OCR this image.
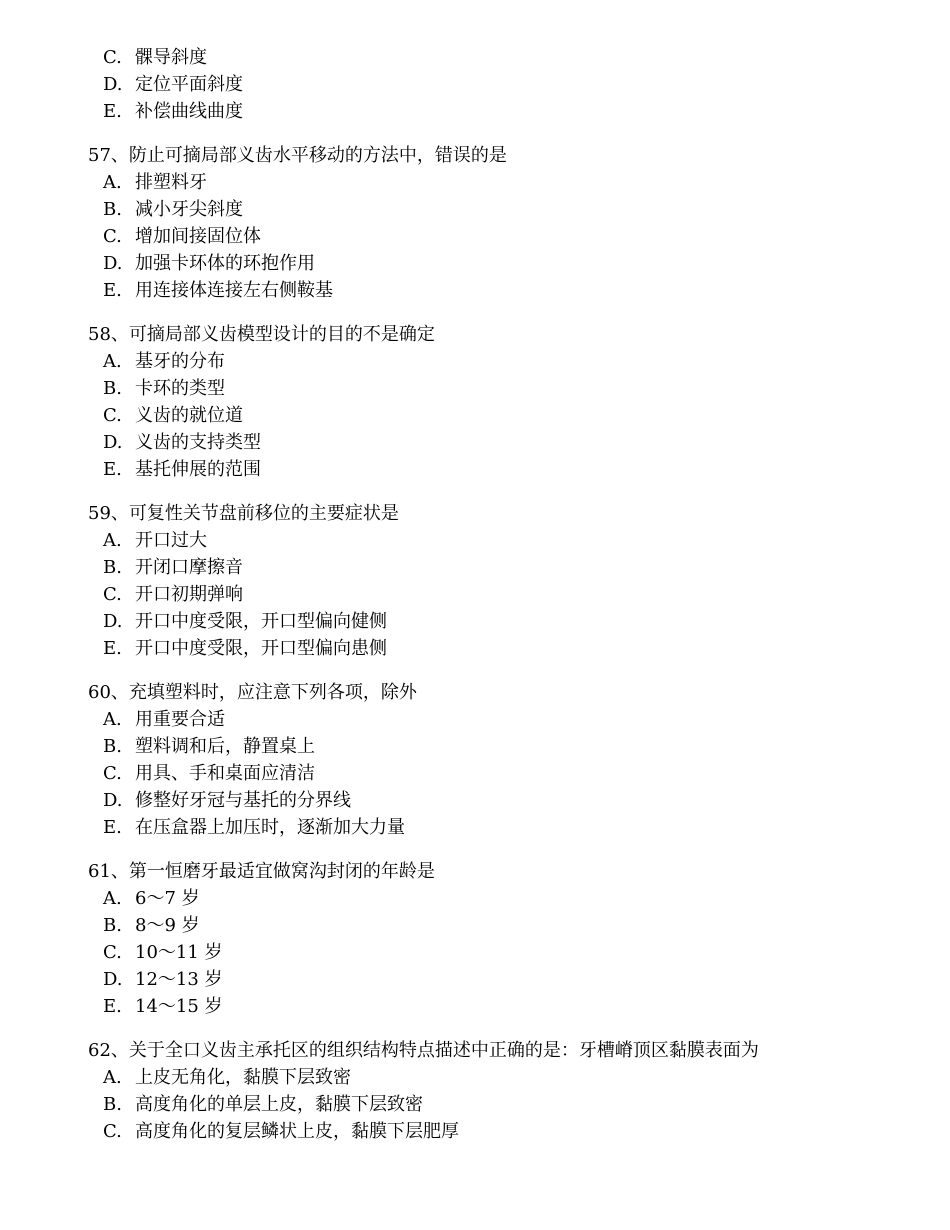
C. 髁导斜度
D. 定位平面斜度
E. 补偿曲线曲度
57、防止可摘局部义齿水平移动的方法中，错误的是
A. 排塑料牙
B. 减小牙尖斜度
C. 增加间接固位体
D. 加强卡环体的环抱作用
E. 用连接体连接左右侧鞍基
58、可摘局部义齿模型设计的目的不是确定
A. 基牙的分布
B. 卡环的类型
C. 义齿的就位道
D. 义齿的支持类型
E. 基托伸展的范围
59、可复性关节盘前移位的主要症状是
A. 开口过大
B. 开闭口摩擦音
C. 开口初期弹响
D. 开口中度受限，开口型偏向健侧
E. 开口中度受限，开口型偏向患侧
60、充填塑料时，应注意下列各项，除外
A. 用重要合适
B. 塑料调和后，静置桌上
C. 用具、手和桌面应清洁
D. 修整好牙冠与基托的分界线
E. 在压盒器上加压时，逐渐加大力量
61、第一恒磨牙最适宜做窝沟封闭的年龄是
A. 6～7 岁
B. 8～9 岁
C. 10～11 岁
D. 12～13 岁
E. 14～15 岁
62、关于全口义齿主承托区的组织结构特点描述中正确的是：牙槽嵴顶区黏膜表面为
A. 上皮无角化，黏膜下层致密
B. 高度角化的单层上皮，黏膜下层致密
C. 高度角化的复层鳞状上皮，黏膜下层肥厚
